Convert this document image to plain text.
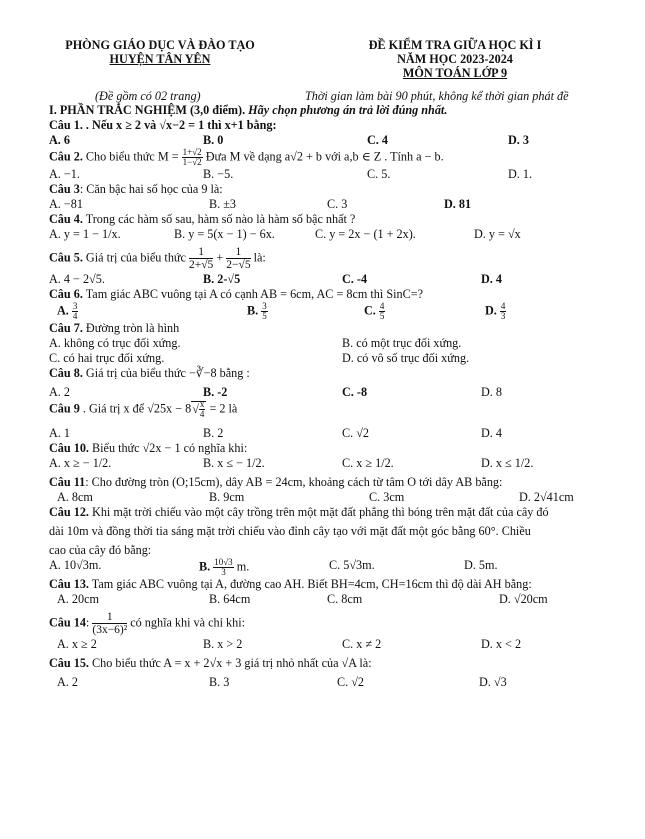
PHÒNG GIÁO DỤC VÀ ĐÀO TẠO
HUYỆN TÂN YÊN
ĐỀ KIỂM TRA GIỮA HỌC KÌ I
NĂM HỌC 2023-2024
MÔN TOÁN LỚP 9
(Đề gồm có 02 trang)	Thời gian làm bài 90 phút, không kể thời gian phát đề
I. PHẦN TRẮC NGHIỆM (3,0 điểm). Hãy chọn phương án trả lời đúng nhất.
Câu 1. . Nếu x ≥ 2 và √x−2 = 1 thì x+1 bằng:
A. 6	B. 0	C. 4	D. 3
Câu 2. Cho biểu thức $M = \frac{1+√2}{1-√2}$ Đưa M về dạng a√2 + b với a,b ∈ Z . Tính a − b.
A. −1.	B. −5.	C. 5.	D. 1.
Câu 3: Căn bậc hai số học của 9 là:
A. −81	B. ±3	C. 3	D. 81
Câu 4. Trong các hàm số sau, hàm số nào là hàm số bậc nhất ?
A. y = 1 − 1/x.	B. y = 5(x − 1) − 6x.	C. y = 2x − (1 + 2x).	D. y = √x
Câu 5. Giá trị của biểu thức $\frac{1}{2+√5} + \frac{1}{2-√5}$ là:
A. 4 − 2√5.	B. 2-√5	C. -4	D. 4
Câu 6. Tam giác ABC vuông tại A có cạnh AB = 6cm, AC = 8cm thì SinC=?
A. $\frac{3}{4}$	B. $\frac{3}{5}$	C. $\frac{4}{5}$	D. $\frac{4}{3}$
Câu 7. Đường tròn là hình
A. không có trục đối xứng.	B. có một trục đối xứng.
C. có hai trục đối xứng.	D. có vô số trục đối xứng.
Câu 8. Giá trị của biểu thức −∛−8 bằng :
A. 2	B. -2	C. -8	D. 8
Câu 9 . Giá trị x để $√25x - 8√ \frac{x}{4} = 2$ là
A. 1	B. 2	C. √2	D. 4
Câu 10. Biểu thức √2x − 1 có nghĩa khi:
A. x ≥ − 1/2.	B. x ≤ − 1/2.	C. x ≥ 1/2.	D. x ≤ 1/2.
Câu 11: Cho đường tròn (O;15cm), dây AB = 24cm, khoảng cách từ tâm O tới dây AB bằng:
A. 8cm	B. 9cm	C. 3cm	D. 2√41cm
Câu 12. Khi mặt trời chiếu vào một cây trồng trên một mặt đất phẳng thì bóng trên mặt đất của cây đó
dài 10m và đồng thời tia sáng mặt trời chiếu vào đỉnh cây tạo với mặt đất một góc bằng 60°. Chiều
cao của cây đó bằng:
A. 10√3m.	B. $\frac{10√3}{3} m$.	C. 5√3m.	D. 5m.
Câu 13. Tam giác ABC vuông tại A, đường cao AH. Biết BH=4cm, CH=16cm thì độ dài AH bằng:
A. 20cm	B. 64cm	C. 8cm	D. √20cm
Câu 14: $\frac{1}{\text{(3x−6)²}}$ có nghĩa khi và chỉ khi:
A. x ≥ 2	B. x > 2	C. x ≠ 2	D. x < 2
Câu 15. Cho biểu thức A = x + 2√x + 3 giá trị nhỏ nhất của √A là:
A. 2	B. 3	C. √2	D. √3
